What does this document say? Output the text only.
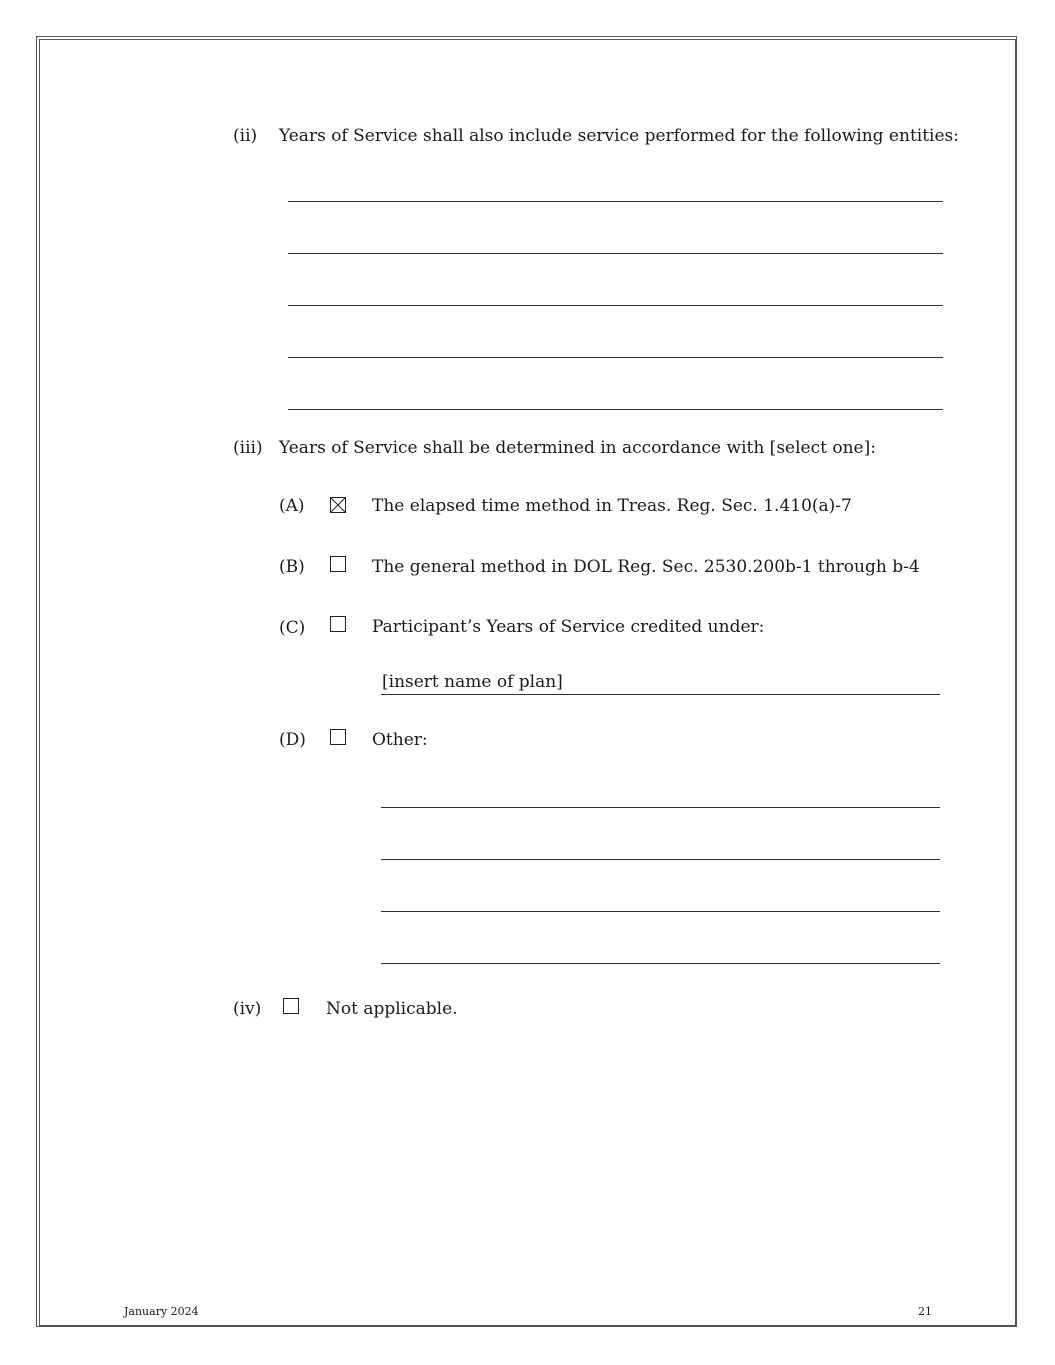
(ii) Years of Service shall also include service performed for the following entities:
(iii) Years of Service shall be determined in accordance with [select one]:
(A)	The elapsed time method in Treas. Reg. Sec. 1.410(a)-7
(B)	The general method in DOL Reg. Sec. 2530.200b-1 through b-4
(C)	Participant’s Years of Service credited under:
[insert name of plan]
(D)	Other:
(iv)	Not applicable.
January 2024	21
